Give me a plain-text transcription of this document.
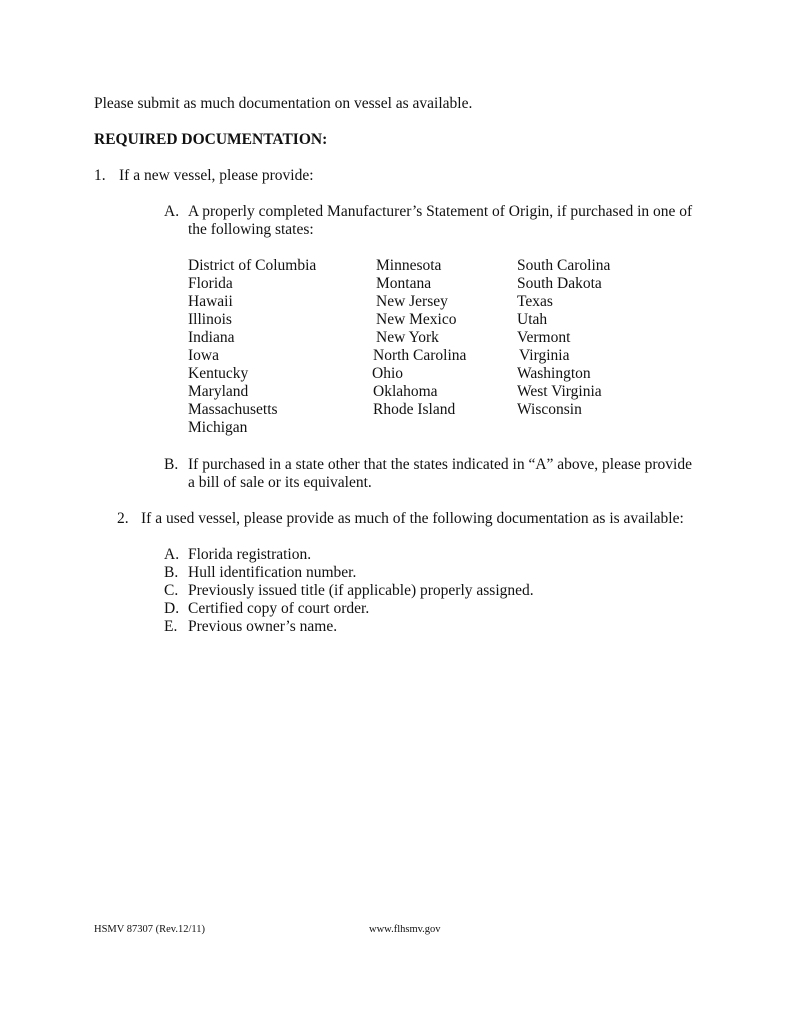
Please submit as much documentation on vessel as available.
REQUIRED DOCUMENTATION:
1. If a new vessel, please provide:
A. A properly completed Manufacturer’s Statement of Origin, if purchased in one of
the following states:
District of Columbia
Florida
Hawaii
Illinois
Indiana
Iowa
Kentucky
Maryland
Massachusetts
Michigan
Minnesota
Montana
New Jersey
New Mexico
New York
North Carolina
Ohio
Oklahoma
Rhode Island
South Carolina
South Dakota
Texas
Utah
Vermont
Virginia
Washington
West Virginia
Wisconsin
B. If purchased in a state other that the states indicated in “A” above, please provide
a bill of sale or its equivalent.
2. If a used vessel, please provide as much of the following documentation as is available:
A. Florida registration.
B. Hull identification number.
C. Previously issued title (if applicable) properly assigned.
D. Certified copy of court order.
E. Previous owner’s name.
HSMV 87307 (Rev.12/11)	www.flhsmv.gov
